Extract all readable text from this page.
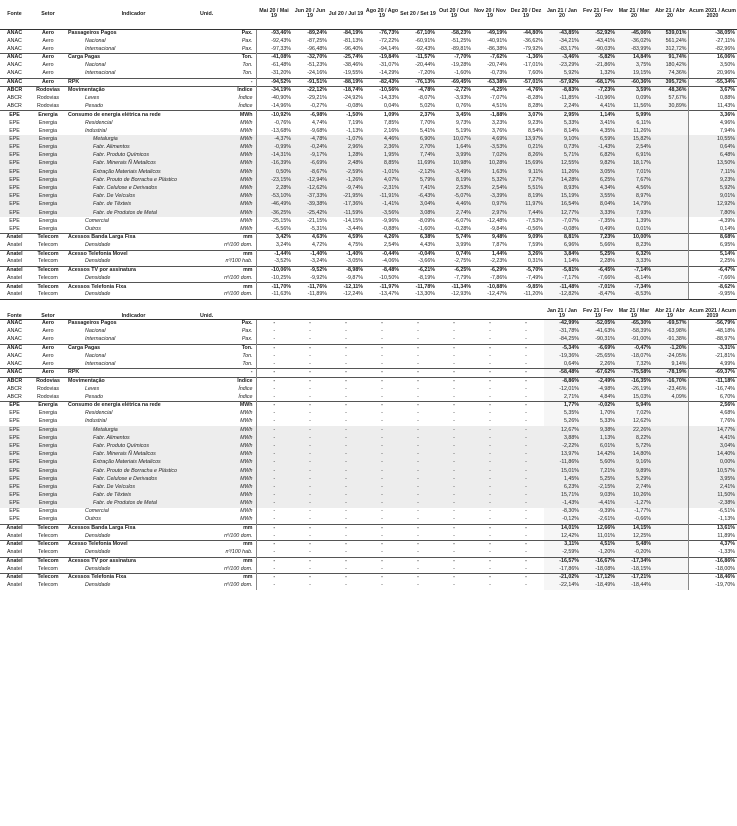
Fonte	Setor	Indicador	Unid.	Mai 20 / Mai 19	Jun 20 / Jun 19	Jul 20 / Jul 19	Ago 20 / Ago 19	Set 20 / Set 19	Out 20 / Out 19	Nov 20 / Nov 19	Dez 20 / Dez 19	Jan 21 / Jan 20	Fev 21 / Fev 20	Mar 21 / Mar 20	Abr 21 / Abr 20	Acum 2021 / Acum 2020
ANAC	Aero	Passageiros Pagos	Pax.	-93,46%	-89,24%	-84,19%	-76,73%	-67,10%	-58,23%	-49,19%	-44,80%	-43,85%	-52,92%	-45,06%	539,01%	-38,05%
ANAC	Aero	Nacional	Pax.	-92,43%	-87,25%	-81,13%	-72,22%	-60,91%	-51,25%	-40,91%	-36,62%	-34,21%	-43,41%	-36,02%	561,24%	-27,11%
ANAC	Aero	Internacional	Pax.	-97,33%	-96,48%	-96,40%	-94,14%	-92,43%	-89,81%	-86,38%	-79,92%	-83,17%	-90,03%	-83,99%	312,72%	-82,96%
ANAC	Aero	Carga Pagas	Ton.	-41,08%	-32,70%	-25,74%	-19,84%	-11,57%	-7,70%	-7,62%	-1,36%	-3,46%	-5,82%	14,84%	91,74%	16,06%
ANAC	Aero	Nacional	Ton.	-61,48%	-51,23%	-38,46%	-31,07%	-20,44%	-19,28%	-20,74%	-17,01%	-23,29%	-21,86%	3,75%	180,42%	3,50%
ANAC	Aero	Internacional	Ton.	-31,20%	-24,16%	-19,55%	-14,29%	-7,20%	-1,60%	-0,73%	7,60%	5,92%	1,32%	19,15%	74,36%	20,96%
ANAC	Aero	RPK	-	-94,52%	-91,51%	-88,19%	-82,43%	-76,13%	-69,45%	-63,38%	-57,01%	-57,92%	-68,17%	-60,36%	395,72%	-55,34%
ABCR	Rodovias	Movimentação	Índice	-34,19%	-22,12%	-18,74%	-10,56%	-4,78%	-2,72%	-4,25%	-4,76%	-8,83%	-7,23%	3,59%	48,36%	3,67%
ABCR	Rodovias	Leves	Índice	-40,90%	-29,21%	-24,92%	-14,33%	-8,07%	-3,93%	-7,07%	-8,28%	-11,85%	-10,96%	0,09%	57,67%	0,88%
ABCR	Rodovias	Pesado	Índice	-14,96%	-0,27%	-0,08%	0,04%	5,02%	0,76%	4,51%	8,28%	2,24%	4,41%	11,56%	30,89%	11,43%
EPE	Energia	Consumo de energia elétrica na rede	MWh	-10,92%	-6,98%	-1,50%	1,09%	2,37%	3,45%	-1,88%	3,07%	2,95%	1,14%	5,99%		3,36%
EPE	Energia	Residencial	MWh	-0,76%	4,74%	7,19%	7,85%	7,70%	9,73%	3,23%	9,23%	5,33%	3,41%	6,11%		4,96%
EPE	Energia	Industrial	MWh	-13,68%	-9,68%	-1,13%	2,16%	5,41%	5,19%	3,76%	8,54%	8,14%	4,35%	11,26%		7,94%
EPE	Energia	Metalurgia	MWh	-4,37%	-4,78%	-1,07%	4,46%	6,90%	10,07%	4,69%	13,97%	9,10%	6,59%	15,82%		10,55%
EPE	Energia	Fabr. Alimentos	MWh	-0,99%	-0,24%	2,96%	2,36%	2,70%	1,64%	-3,53%	0,21%	0,73%	-1,43%	2,54%		0,64%
EPE	Energia	Fabr. Produto Químicos	MWh	-14,31%	-9,17%	1,28%	1,95%	7,74%	3,99%	7,02%	8,26%	5,71%	6,82%	6,91%		6,48%
EPE	Energia	Fabr. Minerais Ñ Metalicos	MWh	-16,39%	-6,69%	2,48%	8,85%	11,69%	10,98%	10,28%	15,69%	12,55%	9,82%	18,17%		13,50%
EPE	Energia	Extração Materiais Metalicos	MWh	0,50%	-8,67%	-2,59%	-1,01%	-2,12%	-3,49%	1,63%	9,11%	11,26%	3,05%	7,01%		7,11%
EPE	Energia	Fabr. Prouto de Borracha e Plástico	MWh	-23,15%	-12,94%	-1,26%	4,07%	5,79%	8,19%	5,32%	7,27%	14,28%	6,25%	7,67%		9,23%
EPE	Energia	Fabr. Celulose e Derivados	MWh	2,28%	-12,62%	-9,74%	-2,31%	7,41%	2,53%	2,54%	5,51%	8,93%	4,34%	4,56%		5,92%
EPE	Energia	Fabr. De Veículos	MWh	-53,10%	-37,33%	-21,95%	-11,91%	-6,43%	-5,07%	-3,39%	8,19%	15,19%	3,55%	8,97%		9,01%
EPE	Energia	Fabr. de Têxteis	MWh	-46,49%	-39,38%	-17,36%	-1,41%	3,04%	4,46%	0,97%	11,97%	16,54%	8,04%	14,79%		12,92%
EPE	Energia	Fabr. de Produtos de Metal	MWh	-36,25%	-25,42%	-11,59%	-3,56%	3,08%	2,74%	2,97%	7,44%	12,77%	3,33%	7,93%		7,80%
EPE	Energia	Comercial	MWh	-25,15%	-21,15%	-14,15%	-9,96%	-8,09%	-6,07%	-12,48%	-7,53%	-7,07%	-7,35%	1,39%		-4,39%
EPE	Energia	Outros	MWh	-6,56%	-5,31%	-3,44%	-0,88%	-1,60%	-0,28%	-9,84%	-0,56%	-0,08%	0,49%	0,01%		0,14%
Anatel	Telecom	Acessos Banda Larga Fixa	mm	3,42%	4,63%	4,59%	4,26%	6,38%	5,74%	9,48%	9,09%	8,81%	7,23%	10,00%		8,68%
Anatel	Telecom	Densidade	nº/100 dom.	3,24%	4,72%	4,75%	2,54%	4,43%	3,99%	7,87%	7,59%	6,96%	5,66%	8,23%		6,95%
Anatel	Telecom	Acesso Telefonia Movel	mm	-1,44%	-1,40%	-1,40%	-0,44%	-0,04%	0,74%	1,44%	3,26%	3,84%	5,25%	6,32%		5,14%
Anatel	Telecom	Densidade	nº/100 hab.	-3,52%	-3,24%	-3,05%	-4,06%	-3,66%	-2,75%	-2,23%	0,31%	1,14%	2,28%	3,33%		2,25%
Anatel	Telecom	Acessos TV por assinatura	mm	-10,06%	-9,52%	-8,98%	-8,48%	-6,21%	-6,25%	-6,29%	-5,70%	-5,81%	-6,45%	-7,14%		-6,47%
Anatel	Telecom	Densidade	nº/100 dom.	-10,25%	-9,92%	-9,87%	-10,50%	-8,19%	-7,79%	-7,86%	-7,49%	-7,17%	-7,66%	-8,14%		-7,66%
Anatel	Telecom	Acessos Telefonia Fixa	mm	-11,70%	-11,76%	-12,11%	-11,97%	-11,78%	-11,34%	-10,88%	-9,85%	-11,48%	-7,01%	-7,34%		-8,62%
Anatel	Telecom	Densidade	nº/100 dom.	-11,63%	-11,89%	-12,24%	-13,47%	-13,30%	-12,93%	-12,47%	-11,20%	-12,82%	-8,47%	-8,53%		-9,95%
Fonte	Setor	Indicador	Unid.									Jan 21 / Jan 19	Fev 21 / Fev 19	Mar 21 / Mar 19	Abr 21 / Abr 19	Acum 2021 / Acum 2019
ANAC	Aero	Passageiros Pagos	Pax.	-	-	-	-	-	-	-	-	-42,99%	-52,05%	-65,30%	-69,57%	-56,79%
ANAC	Aero	Nacional	Pax.	-	-	-	-	-	-	-	-	-31,78%	-41,63%	-58,39%	-63,98%	-48,18%
ANAC	Aero	Internacional	Pax.	-	-	-	-	-	-	-	-	-84,25%	-90,31%	-91,00%	-91,38%	-88,97%
ANAC	Aero	Carga Pagas	Ton.	-	-	-	-	-	-	-	-	-5,34%	-6,69%	-0,47%	-1,20%	-3,31%
ANAC	Aero	Nacional	Ton.	-	-	-	-	-	-	-	-	-19,36%	-25,65%	-18,07%	-24,05%	-21,81%
ANAC	Aero	Internacional	Ton.	-	-	-	-	-	-	-	-	0,64%	2,26%	7,32%	9,14%	4,99%
ANAC	Aero	RPK	-	-	-	-	-	-	-	-	-	-58,48%	-67,62%	-75,58%	-78,19%	-69,37%
ABCR	Rodovias	Movimentação	Índice	-	-	-	-	-	-	-	-	-8,86%	-2,49%	-16,35%	-16,70%	-11,18%
ABCR	Rodovias	Leves	Índice	-	-	-	-	-	-	-	-	-12,01%	-4,98%	-26,19%	-23,46%	-16,74%
ABCR	Rodovias	Pesado	Índice	-	-	-	-	-	-	-	-	2,71%	4,84%	15,03%	4,09%	6,70%
EPE	Energia	Consumo de energia elétrica na rede	MWh	-	-	-	-	-	-	-	-	1,77%	-0,02%	5,94%		2,56%
EPE	Energia	Residencial	MWh	-	-	-	-	-	-	-	-	5,35%	1,70%	7,02%		4,68%
EPE	Energia	Industrial	MWh	-	-	-	-	-	-	-	-	5,26%	5,33%	12,62%		7,76%
EPE	Energia	Metalurgia	MWh	-	-	-	-	-	-	-	-	12,67%	9,38%	22,26%		14,77%
EPE	Energia	Fabr. Alimentos	MWh	-	-	-	-	-	-	-	-	3,88%	1,13%	8,22%		4,41%
EPE	Energia	Fabr. Produto Químicos	MWh	-	-	-	-	-	-	-	-	-2,22%	6,01%	5,72%		3,04%
EPE	Energia	Fabr. Minerais Ñ Metalicos	MWh	-	-	-	-	-	-	-	-	13,97%	14,42%	14,80%		14,40%
EPE	Energia	Extração Materiais Metalicos	MWh	-	-	-	-	-	-	-	-	-11,86%	5,60%	9,16%		0,00%
EPE	Energia	Fabr. Prouto de Borracha e Plástico	MWh	-	-	-	-	-	-	-	-	15,01%	7,21%	9,89%		10,57%
EPE	Energia	Fabr. Celulose e Derivados	MWh	-	-	-	-	-	-	-	-	1,45%	5,25%	5,29%		3,95%
EPE	Energia	Fabr. De Veículos	MWh	-	-	-	-	-	-	-	-	6,23%	-2,15%	2,74%		2,41%
EPE	Energia	Fabr. de Têxteis	MWh	-	-	-	-	-	-	-	-	15,71%	9,03%	10,26%		11,50%
EPE	Energia	Fabr. de Produtos de Metal	MWh	-	-	-	-	-	-	-	-	-1,43%	-4,41%	-1,27%		-2,38%
EPE	Energia	Comercial	MWh	-	-	-	-	-	-	-	-	-8,30%	-9,39%	-1,77%		-6,51%
EPE	Energia	Outros	MWh	-	-	-	-	-	-	-	-	-0,12%	-2,61%	-0,66%		-1,13%
Anatel	Telecom	Acessos Banda Larga Fixa	mm	-	-	-	-	-	-	-	-	14,01%	12,66%	14,15%		13,61%
Anatel	Telecom	Densidade	nº/100 dom.	-	-	-	-	-	-	-	-	12,42%	11,01%	12,25%		11,89%
Anatel	Telecom	Acesso Telefonia Movel	mm	-	-	-	-	-	-	-	-	3,11%	4,51%	5,48%		4,37%
Anatel	Telecom	Densidade	nº/100 hab.	-	-	-	-	-	-	-	-	-2,59%	-1,20%	-0,20%		-1,33%
Anatel	Telecom	Acessos TV por assinatura	mm	-	-	-	-	-	-	-	-	-16,57%	-16,67%	-17,34%		-16,86%
Anatel	Telecom	Densidade	nº/100 dom.	-	-	-	-	-	-	-	-	-17,86%	-18,08%	-18,15%		-18,00%
Anatel	Telecom	Acessos Telefonia Fixa	mm	-	-	-	-	-	-	-	-	-21,02%	-17,12%	-17,21%		-18,46%
Anatel	Telecom	Densidade	nº/100 dom.	-	-	-	-	-	-	-	-	-22,14%	-18,49%	-18,44%		-19,70%
